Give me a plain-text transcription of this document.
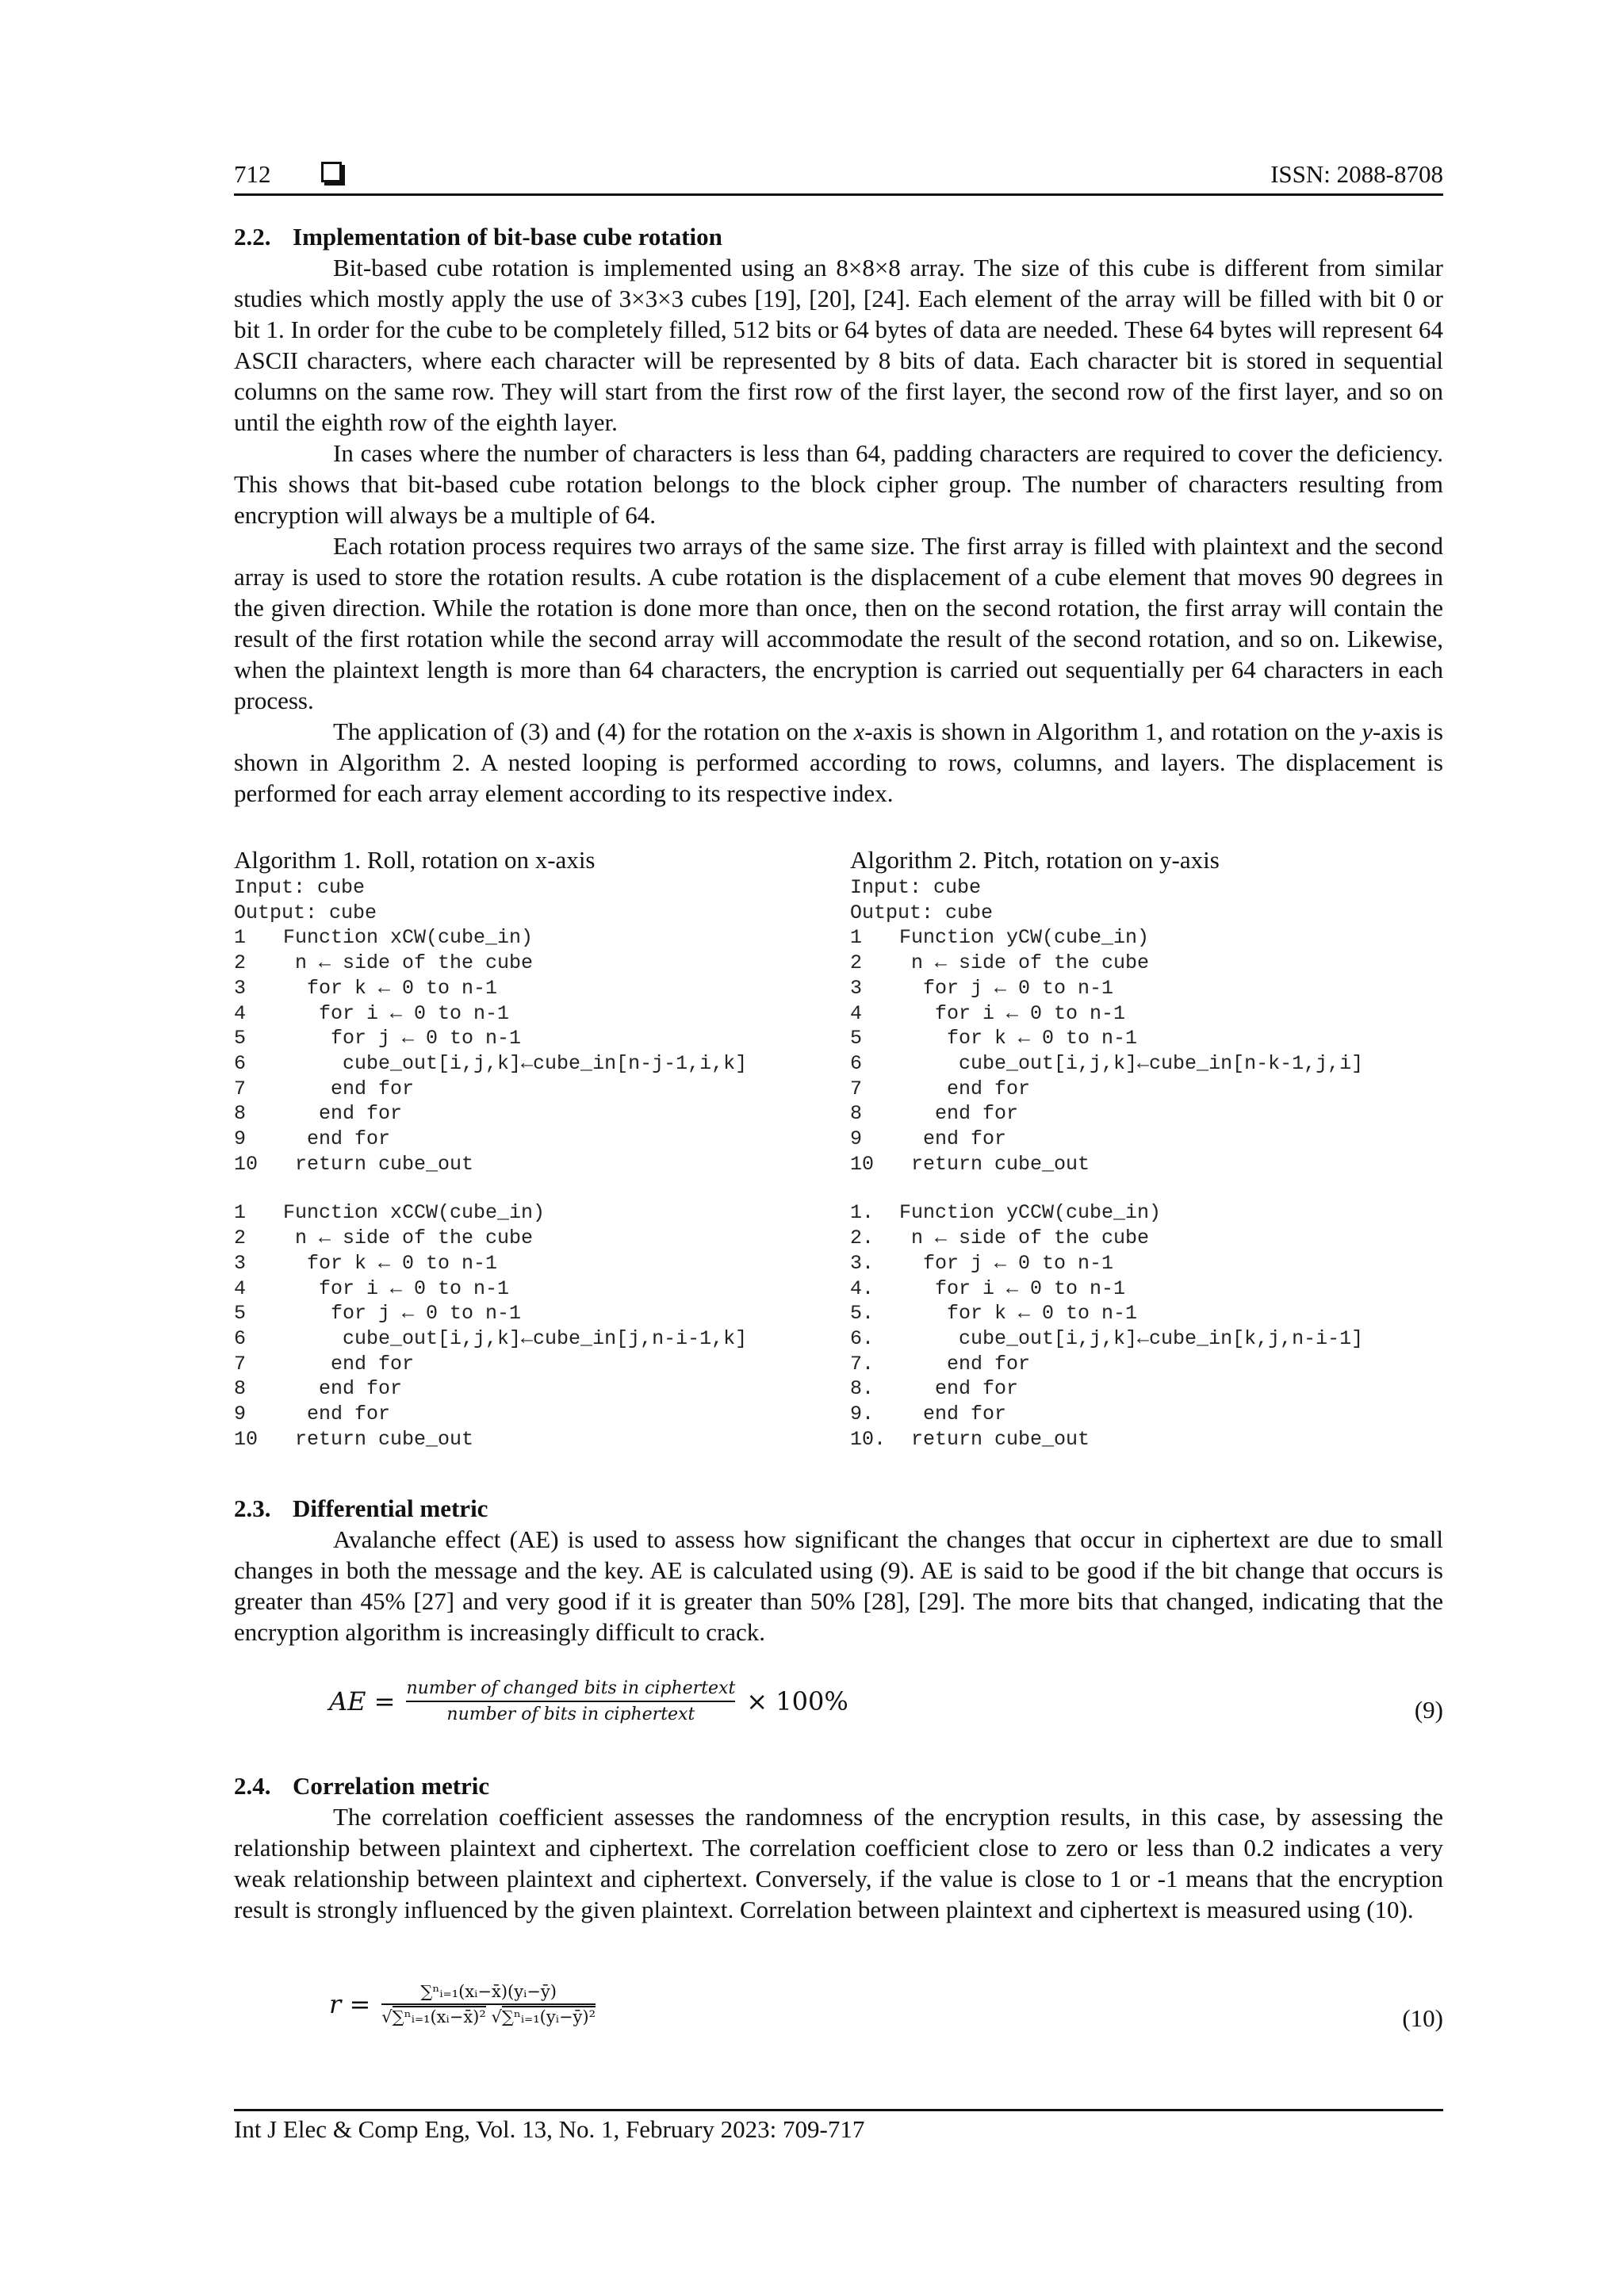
712	ISSN: 2088-8708

2.2. Implementation of bit-base cube rotation

Bit-based cube rotation is implemented using an 8×8×8 array. The size of this cube is different from similar studies which mostly apply the use of 3×3×3 cubes [19], [20], [24]. Each element of the array will be filled with bit 0 or bit 1. In order for the cube to be completely filled, 512 bits or 64 bytes of data are needed. These 64 bytes will represent 64 ASCII characters, where each character will be represented by 8 bits of data. Each character bit is stored in sequential columns on the same row. They will start from the first row of the first layer, the second row of the first layer, and so on until the eighth row of the eighth layer.

In cases where the number of characters is less than 64, padding characters are required to cover the deficiency. This shows that bit-based cube rotation belongs to the block cipher group. The number of characters resulting from encryption will always be a multiple of 64.

Each rotation process requires two arrays of the same size. The first array is filled with plaintext and the second array is used to store the rotation results. A cube rotation is the displacement of a cube element that moves 90 degrees in the given direction. While the rotation is done more than once, then on the second rotation, the first array will contain the result of the first rotation while the second array will accommodate the result of the second rotation, and so on. Likewise, when the plaintext length is more than 64 characters, the encryption is carried out sequentially per 64 characters in each process.

The application of (3) and (4) for the rotation on the x-axis is shown in Algorithm 1, and rotation on the y-axis is shown in Algorithm 2. A nested looping is performed according to rows, columns, and layers. The displacement is performed for each array element according to its respective index.

Algorithm 1. Roll, rotation on x-axis

Input: cube
Output: cube
1 Function xCW(cube_in)
2 n ← side of the cube
3  for k ← 0 to n-1
4   for i ← 0 to n-1
5    for j ← 0 to n-1
6     cube_out[i,j,k]←cube_in[n-j-1,i,k]
7    end for
8   end for
9  end for
10 return cube_out
1 Function xCCW(cube_in)
2 n ← side of the cube
3  for k ← 0 to n-1
4   for i ← 0 to n-1
5    for j ← 0 to n-1
6     cube_out[i,j,k]←cube_in[j,n-i-1,k]
7    end for
8   end for
9  end for
10 return cube_out

Algorithm 2. Pitch, rotation on y-axis

Input: cube
Output: cube
1 Function yCW(cube_in)
2 n ← side of the cube
3  for j ← 0 to n-1
4   for i ← 0 to n-1
5    for k ← 0 to n-1
6     cube_out[i,j,k]←cube_in[n-k-1,j,i]
7    end for
8   end for
9  end for
10 return cube_out
1. Function yCCW(cube_in)
2. n ← side of the cube
3.  for j ← 0 to n-1
4.   for i ← 0 to n-1
5.    for k ← 0 to n-1
6.     cube_out[i,j,k]←cube_in[k,j,n-i-1]
7.    end for
8.   end for
9.  end for
10. return cube_out

2.3. Differential metric

Avalanche effect (AE) is used to assess how significant the changes that occur in ciphertext are due to small changes in both the message and the key. AE is calculated using (9). AE is said to be good if the bit change that occurs is greater than 45% [27] and very good if it is greater than 50% [28], [29]. The more bits that changed, indicating that the encryption algorithm is increasingly difficult to crack.

AE = $\frac{\text{number of changed bits in ciphertext}}{\text{number of bits in ciphertext}} \times 100\%$	(9)

2.4. Correlation metric

The correlation coefficient assesses the randomness of the encryption results, in this case, by assessing the relationship between plaintext and ciphertext. The correlation coefficient close to zero or less than 0.2 indicates a very weak relationship between plaintext and ciphertext. Conversely, if the value is close to 1 or -1 means that the encryption result is strongly influenced by the given plaintext. Correlation between plaintext and ciphertext is measured using (10).

$r = \frac{\text{∑ⁿᵢ₌₁(xᵢ−x̄)(yᵢ−ȳ)}}{\text{√∑ⁿᵢ₌₁(xᵢ−x̄)² √∑ⁿᵢ₌₁(yᵢ−ȳ)²}}$	(10)
Int J Elec & Comp Eng, Vol. 13, No. 1, February 2023: 709-717
